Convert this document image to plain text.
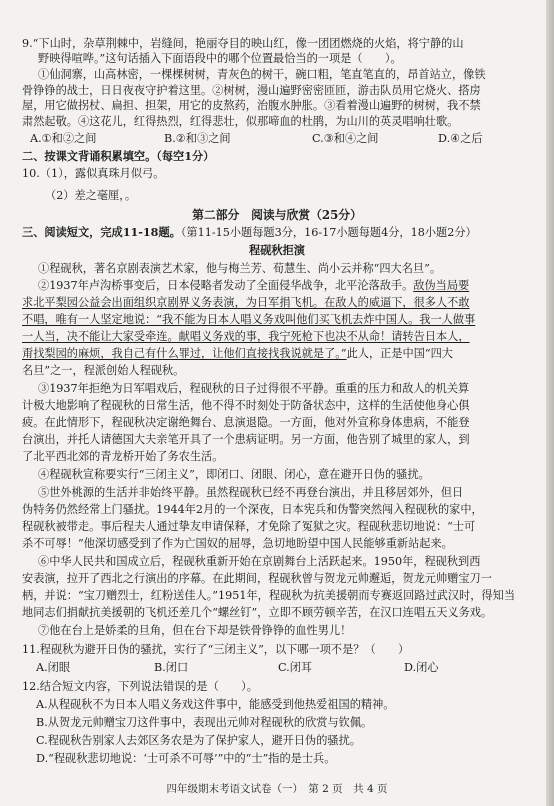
9.“下山时，杂草荆棘中，岩缝间，艳丽夺目的映山红，像一团团燃烧的火焰，将宁静的山
野映得喧哗。”这句话插入下面语段中的哪个位置最恰当的一项是（　　）。
①仙洞寨，山高林密，一棵棵树树，青灰色的树干，碗口粗，笔直笔直的，昂首站立，像铁
骨铮铮的战士，日日夜夜守护着这里。②树树，漫山遍野密密匝匝，游击队员用它烧火、搭房
屋，用它做拐杖、扁担、担架，用它的皮熬药，治腹水肿胀。③看着漫山遍野的树树，我不禁
肃然起敬。④这花儿，红得热烈，红得悲壮，似那啼血的杜鹃，为山川的英灵唱响壮歌。
A.①和②之间	B.②和③之间	C.③和④之间	D.④之后
二、按课文背诵积累填空。（每空1分）
10.（1），露似真珠月似弓。
（2）差之毫厘，。
第二部分　阅读与欣赏（25分）
三、阅读短文，完成11-18题。（第11-15小题每题3分，16-17小题每题4分，18小题2分）
程砚秋拒演
①程砚秋，著名京剧表演艺术家，他与梅兰芳、荀慧生、尚小云并称“四大名旦”。
②1937年卢沟桥事变后，日本侵略者发动了全面侵华战争，北平沦落敌手。敌伪当局要
求北平梨园公益会出面组织京剧界义务表演，为日军捐飞机。在敌人的威逼下，很多人不敢
不唱，唯有一人坚定地说：“我不能为日本人唱义务戏叫他们买飞机去炸中国人。我一人做事
一人当，决不能让大家受牵连。献唱义务戏的事，我宁死枪下也决不从命！请转告日本人，
甭找梨园的麻烦，我自己有什么罪过，让他们直接找我说就是了。”此人，正是中国“四大
名旦”之一，程派创始人程砚秋。
③1937年拒绝为日军唱戏后，程砚秋的日子过得很不平静。重重的压力和敌人的机关算
计极大地影响了程砚秋的日常生活，他不得不时刻处于防备状态中，这样的生活使他身心俱
疲。在此情形下，程砚秋决定谢绝舞台、息演退隐。一方面，他对外宣称身体患病，不能登
台演出，并托人请德国大夫亲笔开具了一个患病证明。另一方面，他告别了城里的家人，到
了北平西北郊的青龙桥开始了务农生活。
④程砚秋宣称要实行“三闭主义”，即闭口、闭眼、闭心，意在避开日伪的骚扰。
⑤世外桃源的生活并非始终平静。虽然程砚秋已经不再登台演出，并且移居郊外，但日
伪特务仍然经常上门骚扰。1944年2月的一个深夜，日本宪兵和伪警突然闯入程砚秋的家中，
程砚秋被带走。事后程夫人通过挚友申请保释，才免除了冤狱之灾。程砚秋悲切地说：“士可
杀不可辱！”他深切感受到了作为亡国奴的屈辱，急切地盼望中国人民能够重新站起来。
⑥中华人民共和国成立后，程砚秋重新开始在京剧舞台上活跃起来。1950年，程砚秋到西
安表演，拉开了西北之行演出的序幕。在此期间，程砚秋曾与贺龙元帅邂逅，贺龙元帅赠宝刀一
柄，并说：“宝刀赠烈士，红粉送佳人。”1951年，程砚秋为抗美援朝而专赛返回路过武汉时，得知当
地同志们捐献抗美援朝的飞机还差几个“螺丝钉”，立即不顾劳顿辛苦，在汉口连唱五天义务戏。
⑦他在台上是娇柔的旦角，但在台下却是铁骨铮铮的血性男儿！
11.程砚秋为避开日伪的骚扰，实行了“三闭主义”，以下哪一项不是？（　　）
A.闭眼	B.闭口	C.闭耳	D.闭心
12.结合短文内容，下列说法错误的是（　　）。
A.从程砚秋不为日本人唱义务戏这件事中，能感受到他热爱祖国的精神。
B.从贺龙元帅赠宝刀这件事中，表现出元帅对程砚秋的欣赏与钦佩。
C.程砚秋告别家人去郊区务农是为了保护家人，避开日伪的骚扰。
D.“程砚秋悲切地说：‘士可杀不可辱’”中的“士”指的是士兵。
四年级期末考语文试卷（一）　第 2 页　共 4 页
